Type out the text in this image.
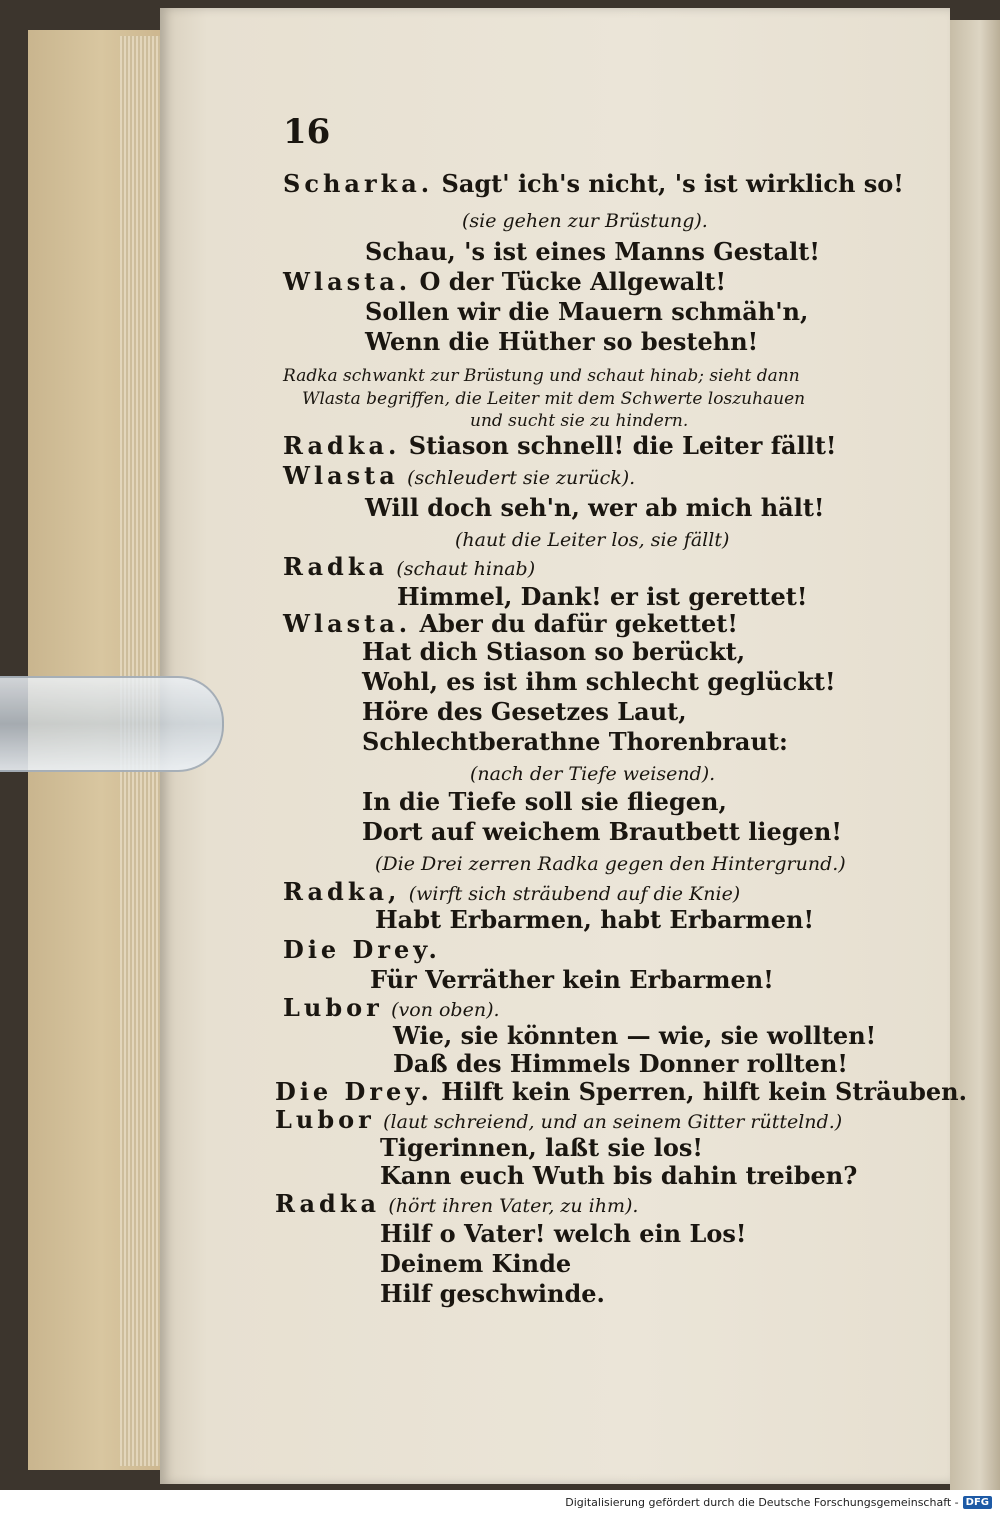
16
Scharka. Sagt' ich's nicht, 's ist wirklich so!
(sie gehen zur Brüstung).
Schau, 's ist eines Manns Gestalt!
Wlasta. O der Tücke Allgewalt!
Sollen wir die Mauern schmäh'n,
Wenn die Hüther so bestehn!
Radka schwankt zur Brüstung und schaut hinab; sieht dann
Wlasta begriffen, die Leiter mit dem Schwerte loszuhauen
und sucht sie zu hindern.
Radka. Stiason schnell! die Leiter fällt!
Wlasta (schleudert sie zurück).
Will doch seh'n, wer ab mich hält!
(haut die Leiter los, sie fällt)
Radka (schaut hinab)
Himmel, Dank! er ist gerettet!
Wlasta. Aber du dafür gekettet!
Hat dich Stiason so berückt,
Wohl, es ist ihm schlecht geglückt!
Höre des Gesetzes Laut,
Schlechtberathne Thorenbraut:
(nach der Tiefe weisend).
In die Tiefe soll sie fliegen,
Dort auf weichem Brautbett liegen!
(Die Drei zerren Radka gegen den Hintergrund.)
Radka, (wirft sich sträubend auf die Knie)
Habt Erbarmen, habt Erbarmen!
Die Drey.
Für Verräther kein Erbarmen!
Lubor (von oben).
Wie, sie könnten — wie, sie wollten!
Daß des Himmels Donner rollten!
Die Drey. Hilft kein Sperren, hilft kein Sträuben.
Lubor (laut schreiend, und an seinem Gitter rüttelnd.)
Tigerinnen, laßt sie los!
Kann euch Wuth bis dahin treiben?
Radka (hört ihren Vater, zu ihm).
Hilf o Vater! welch ein Los!
Deinem Kinde
Hilf geschwinde.
Digitalisierung gefördert durch die Deutsche Forschungsgemeinschaft - DFG
